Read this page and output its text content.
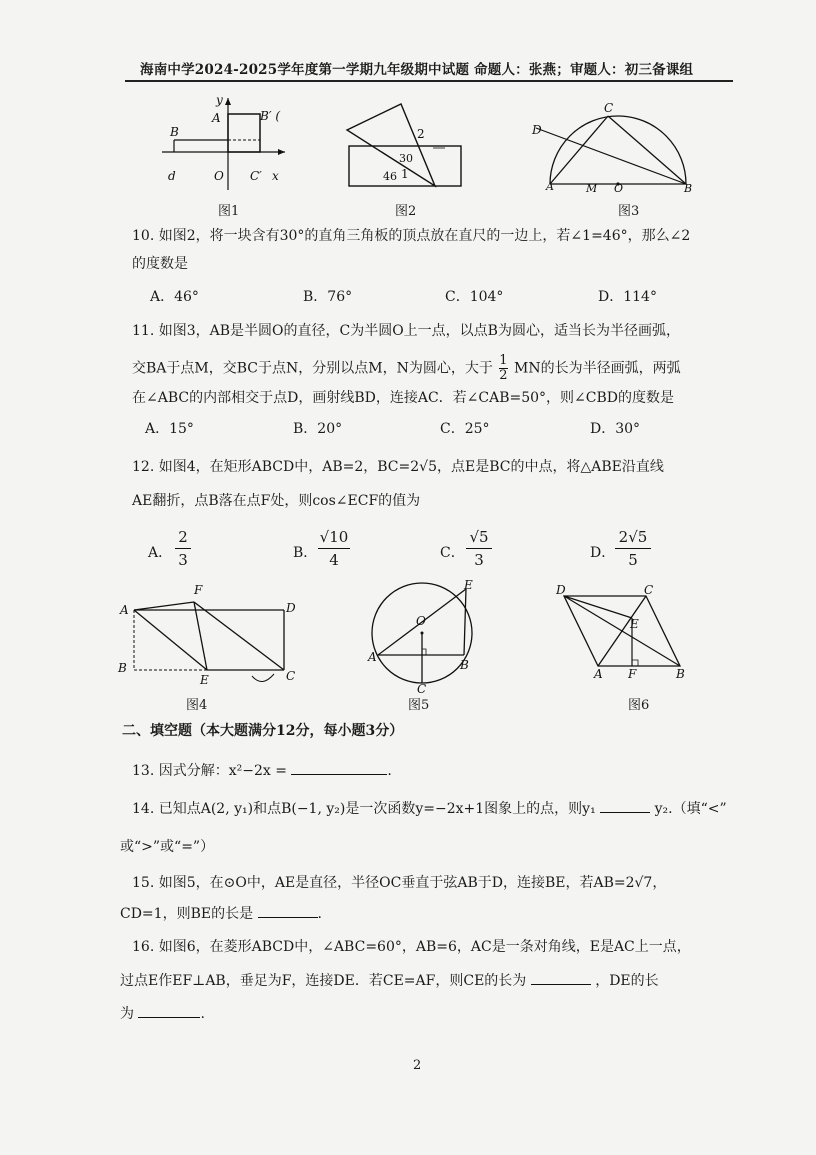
海南中学2024-2025学年度第一学期九年级期中试题 命题人：张燕；审题人：初三备课组
y
A
B
B′ (
d	O C′ x
图1
2
30
46 1
图2
C
D
A	M O	B
图3
10. 如图2，将一块含有30°的直角三角板的顶点放在直尺的一边上，若∠1=46°，那么∠2
的度数是
A．46°	B．76°	C．104°	D．114°
11. 如图3，AB是半圆O的直径，C为半圆O上一点，以点B为圆心，适当长为半径画弧，
交BA于点M，交BC于点N，分别以点M，N为圆心，大于 $\frac{1}{2}$ MN的长为半径画弧，两弧
在∠ABC的内部相交于点D，画射线BD，连接AC．若∠CAB=50°，则∠CBD的度数是
A．15°	B．20°	C．25°	D．30°
12. 如图4，在矩形ABCD中，AB=2，BC=2√5，点E是BC的中点，将△ABE沿直线
AE翻折，点B落在点F处，则cos∠ECF的值为
A．
2
3	B．
√10
4	C．
√5
3	D．
2√5
5
A
F
D
B
E	C
图4
O
E
A
B
C
图5
D	C
E
A F	B
图6
二、填空题（本大题满分12分，每小题3分）
13. 因式分解：x²−2x =	.
14. 已知点A(2, y₁)和点B(−1, y₂)是一次函数y=−2x+1图象上的点，则y₁	y₂.（填“<”
或“>”或“=”）
15. 如图5，在⊙O中，AE是直径，半径OC垂直于弦AB于D，连接BE，若AB=2√7，
CD=1，则BE的长是	.
16. 如图6，在菱形ABCD中，∠ABC=60°，AB=6，AC是一条对角线，E是AC上一点，
过点E作EF⊥AB，垂足为F，连接DE．若CE=AF，则CE的长为	，DE的长
为	.
2
